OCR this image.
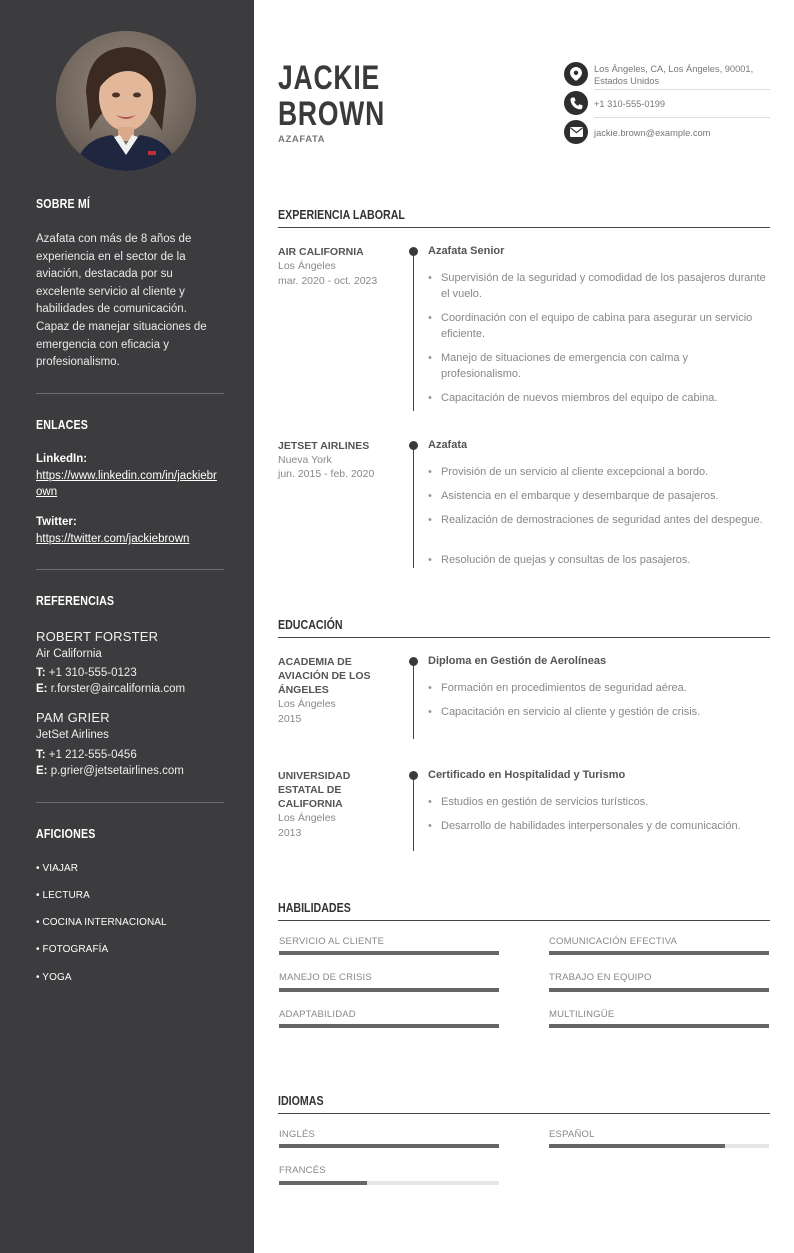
SOBRE MÍ

Azafata con más de 8 años de experiencia en el sector de la aviación, destacada por su excelente servicio al cliente y habilidades de comunicación. Capaz de manejar situaciones de emergencia con eficacia y profesionalismo.

ENLACES
LinkedIn:
https://www.linkedin.com/in/jackiebrown
Twitter:
https://twitter.com/jackiebrown
REFERENCIAS
ROBERT FORSTER
Air California
T: +1 310-555-0123
E: r.forster@aircalifornia.com
PAM GRIER
JetSet Airlines
T: +1 212-555-0456
E: p.grier@jetsetairlines.com
AFICIONES
• VIAJAR
• LECTURA
• COCINA INTERNACIONAL
• FOTOGRAFÍA
• YOGA
JACKIE
BROWN
AZAFATA
Los Ángeles, CA, Los Ángeles, 90001, Estados Unidos
+1 310-555-0199
jackie.brown@example.com
EXPERIENCIA LABORAL
AIR CALIFORNIA
Los Ángeles
mar. 2020 - oct. 2023
Azafata Senior
• Supervisión de la seguridad y comodidad de los pasajeros durante el vuelo.
• Coordinación con el equipo de cabina para asegurar un servicio eficiente.
• Manejo de situaciones de emergencia con calma y profesionalismo.
• Capacitación de nuevos miembros del equipo de cabina.
JETSET AIRLINES
Nueva York
jun. 2015 - feb. 2020
Azafata
• Provisión de un servicio al cliente excepcional a bordo.
• Asistencia en el embarque y desembarque de pasajeros.
• Realización de demostraciones de seguridad antes del despegue.
• Resolución de quejas y consultas de los pasajeros.
EDUCACIÓN
ACADEMIA DE AVIACIÓN DE LOS ÁNGELES
Los Ángeles
2015
Diploma en Gestión de Aerolíneas
• Formación en procedimientos de seguridad aérea.
• Capacitación en servicio al cliente y gestión de crisis.
UNIVERSIDAD ESTATAL DE CALIFORNIA
Los Ángeles
2013
Certificado en Hospitalidad y Turismo
• Estudios en gestión de servicios turísticos.
• Desarrollo de habilidades interpersonales y de comunicación.
HABILIDADES
SERVICIO AL CLIENTE	COMUNICACIÓN EFECTIVA
MANEJO DE CRISIS	TRABAJO EN EQUIPO
ADAPTABILIDAD	MULTILINGÜE
IDIOMAS
INGLÉS	ESPAÑOL
FRANCÉS
